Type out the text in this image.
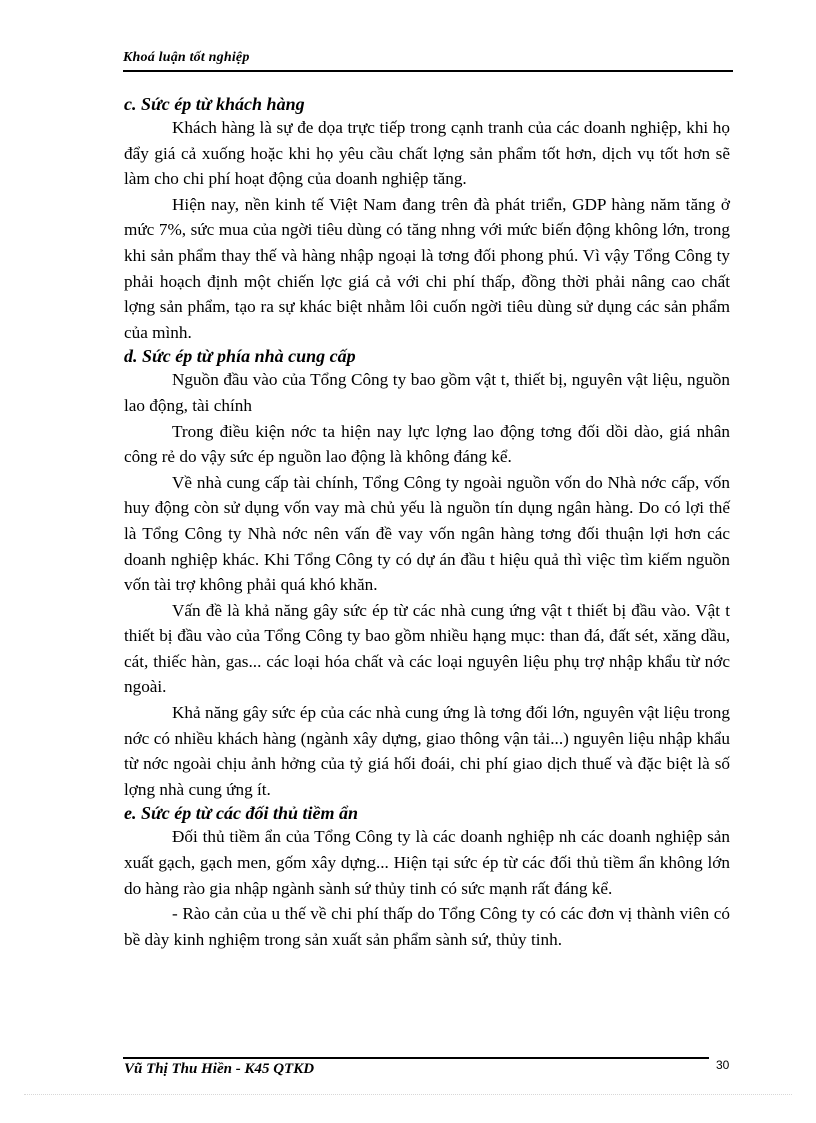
Khoá luận tốt nghiệp

c. Sức ép từ khách hàng

Khách hàng là sự đe dọa trực tiếp trong cạnh tranh của các doanh nghiệp, khi họ đẩy giá cả xuống hoặc khi họ yêu cầu chất lợng sản phẩm tốt hơn, dịch vụ tốt hơn sẽ làm cho chi phí hoạt động của doanh nghiệp tăng.

Hiện nay, nền kinh tế Việt Nam đang trên đà phát triển, GDP hàng năm tăng ở mức 7%, sức mua của ngời tiêu dùng có tăng nhng với mức biến động không lớn, trong khi sản phẩm thay thế và hàng nhập ngoại là tơng đối phong phú. Vì vậy Tổng Công ty phải hoạch định một chiến lợc giá cả với chi phí thấp, đồng thời phải nâng cao chất lợng sản phẩm, tạo ra sự khác biệt nhằm lôi cuốn ngời tiêu dùng sử dụng các sản phẩm của mình.

d. Sức ép từ phía nhà cung cấp

Nguồn đầu vào của Tổng Công ty bao gồm vật t, thiết bị, nguyên vật liệu, nguồn lao động, tài chính

Trong điều kiện nớc ta hiện nay lực lợng lao động tơng đối dồi dào, giá nhân công rẻ do vậy sức ép nguồn lao động là không đáng kể.

Về nhà cung cấp tài chính, Tổng Công ty ngoài nguồn vốn do Nhà nớc cấp, vốn huy động còn sử dụng vốn vay mà chủ yếu là nguồn tín dụng ngân hàng. Do có lợi thế là Tổng Công ty Nhà nớc nên vấn đề vay vốn ngân hàng tơng đối thuận lợi hơn các doanh nghiệp khác. Khi Tổng Công ty có dự án đầu t hiệu quả thì việc tìm kiếm nguồn vốn tài trợ không phải quá khó khăn.

Vấn đề là khả năng gây sức ép từ các nhà cung ứng vật t thiết bị đầu vào. Vật t thiết bị đầu vào của Tổng Công ty bao gồm nhiều hạng mục: than đá, đất sét, xăng dầu, cát, thiếc hàn, gas... các loại hóa chất và các loại nguyên liệu phụ trợ nhập khẩu từ nớc ngoài.

Khả năng gây sức ép của các nhà cung ứng là tơng đối lớn, nguyên vật liệu trong nớc có nhiều khách hàng (ngành xây dựng, giao thông vận tải...) nguyên liệu nhập khẩu từ nớc ngoài chịu ảnh hởng của tỷ giá hối đoái, chi phí giao dịch thuế và đặc biệt là số lợng nhà cung ứng ít.

e. Sức ép từ các đối thủ tiềm ẩn

Đối thủ tiềm ẩn của Tổng Công ty là các doanh nghiệp nh các doanh nghiệp sản xuất gạch, gạch men, gốm xây dựng... Hiện tại sức ép từ các đối thủ tiềm ẩn không lớn do hàng rào gia nhập ngành sành sứ thủy tinh có sức mạnh rất đáng kể.

- Rào cản của u thế về chi phí thấp do Tổng Công ty có các đơn vị thành viên có bề dày kinh nghiệm trong sản xuất sản phẩm sành sứ, thủy tinh.

Vũ Thị Thu Hiền - K45 QTKD	30
